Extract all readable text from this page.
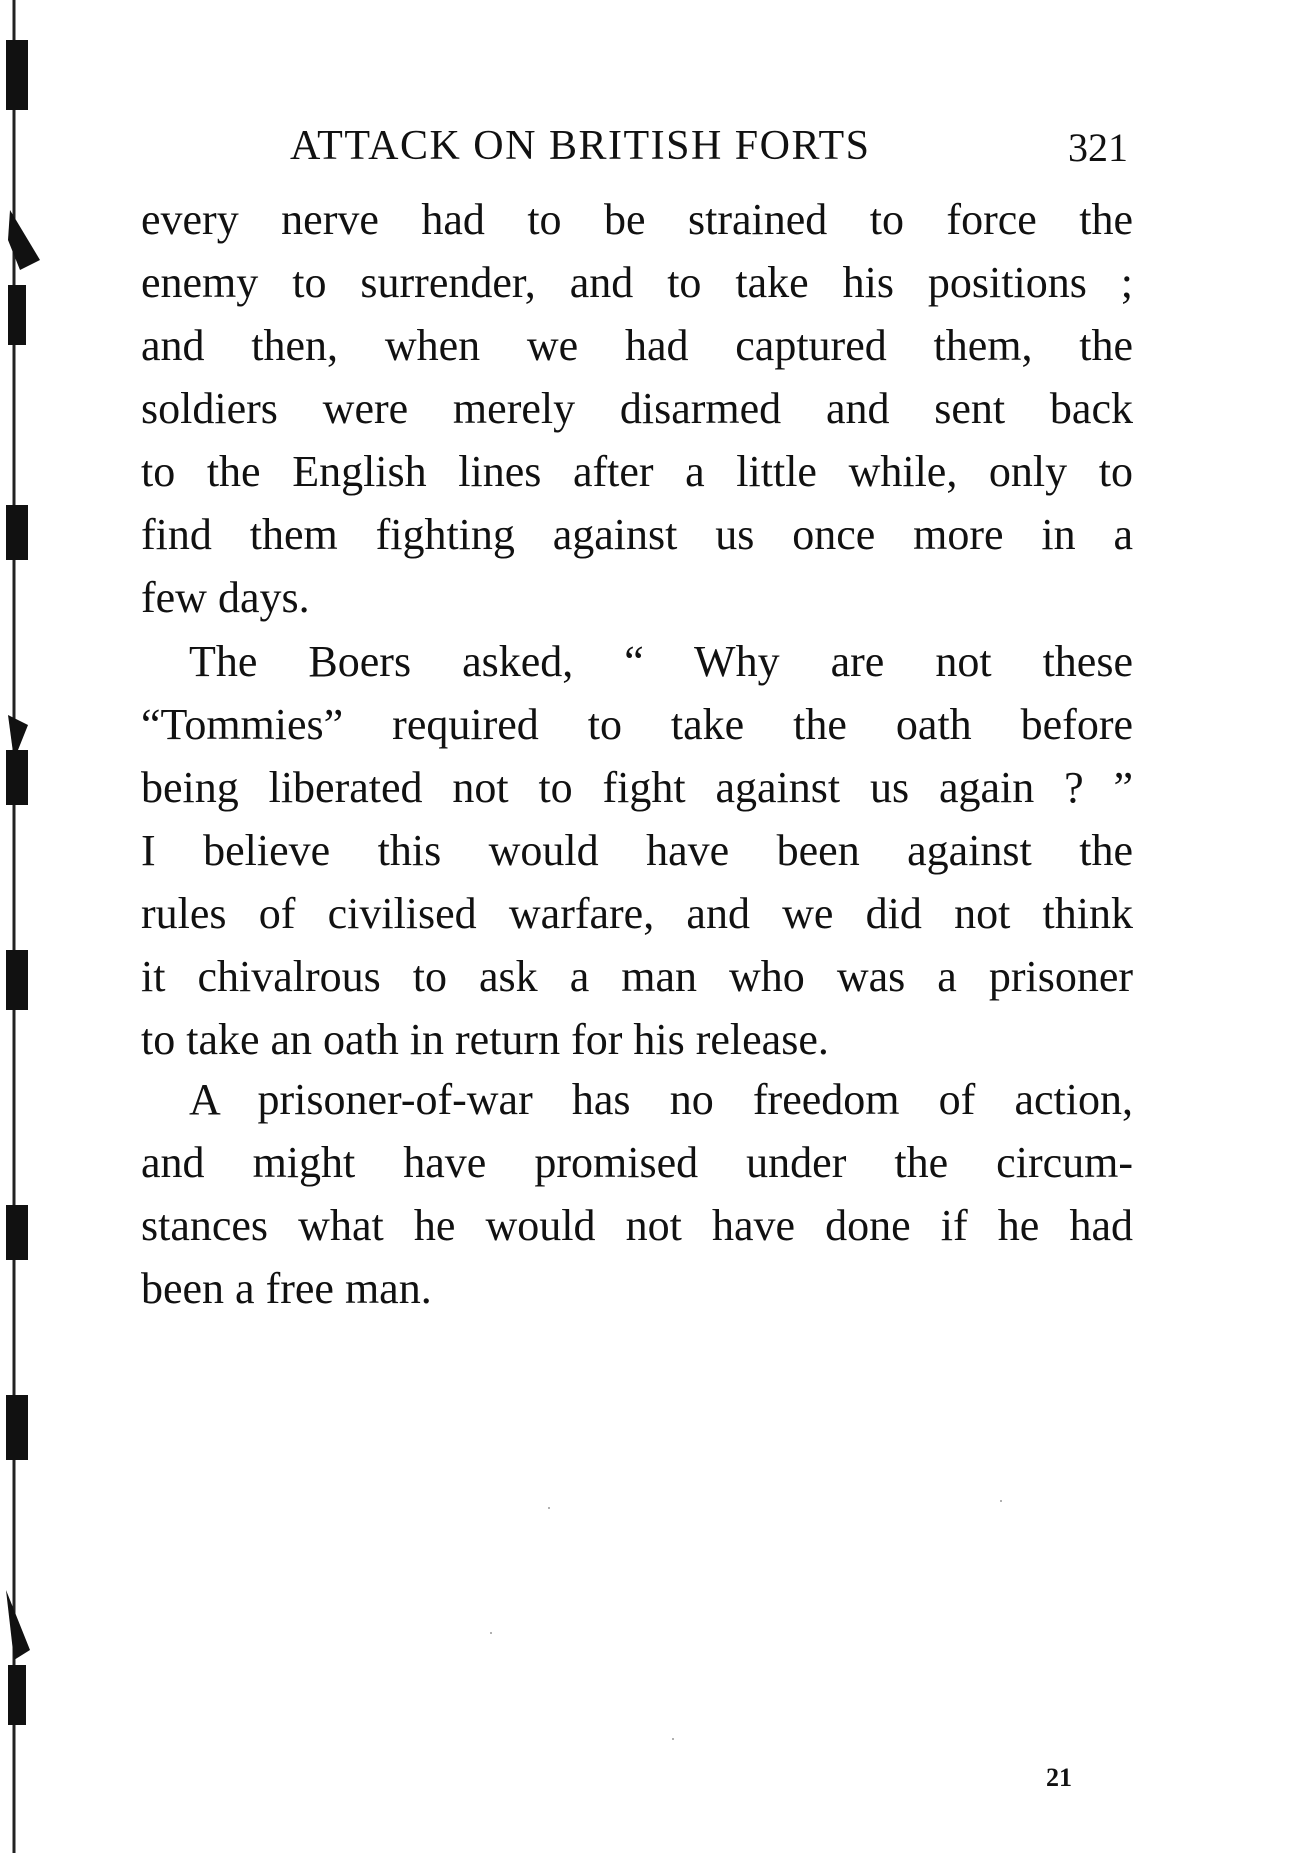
ATTACK ON BRITISH FORTS	321
every nerve had to be strained to force the
enemy to surrender, and to take his positions ;
and then, when we had captured them, the
soldiers were merely disarmed and sent back
to the English lines after a little while, only to
find them fighting against us once more in a
few days.
The Boers asked, “ Why are not these
“Tommies” required to take the oath before
being liberated not to fight against us again ? ”
I believe this would have been against the
rules of civilised warfare, and we did not think
it chivalrous to ask a man who was a prisoner
to take an oath in return for his release.
A prisoner-of-war has no freedom of action,
and might have promised under the circum-
stances what he would not have done if he had
been a free man.
21
